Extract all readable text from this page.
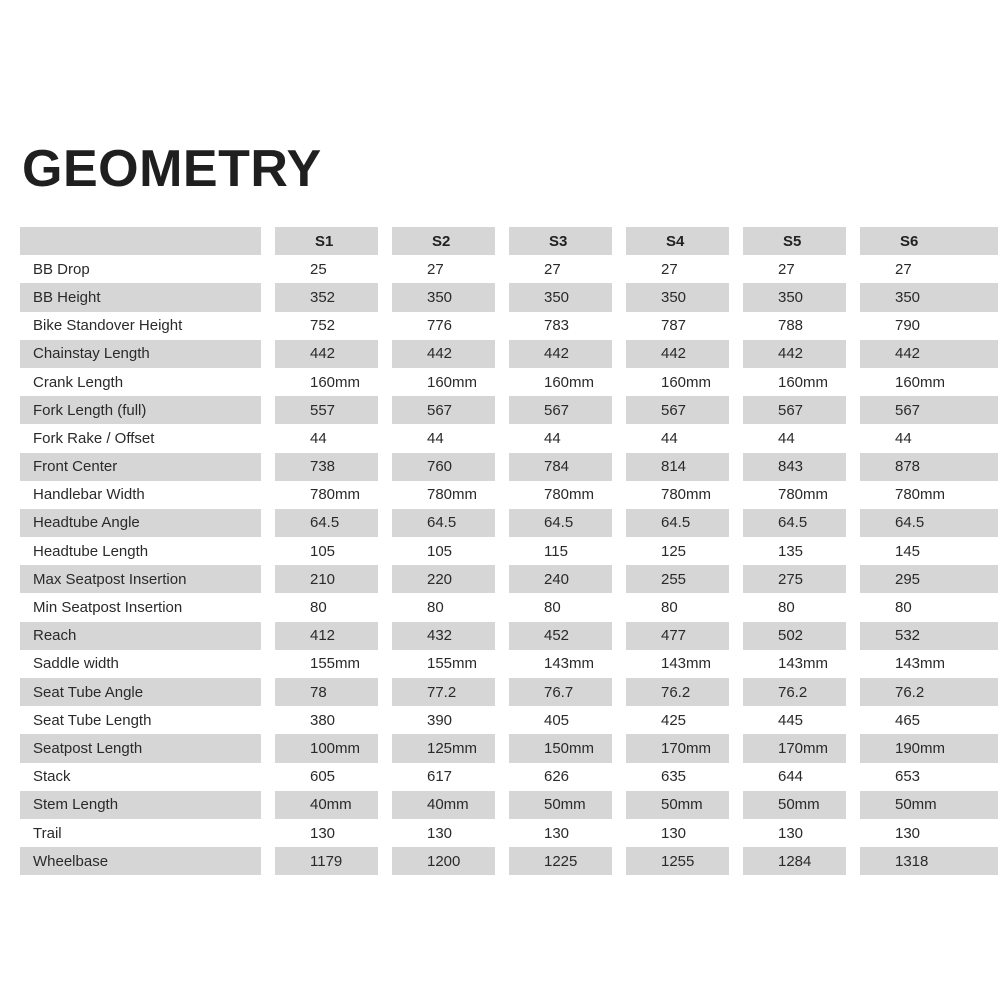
GEOMETRY
	S1	S2	S3	S4	S5	S6
BB Drop	25	27	27	27	27	27
BB Height	352	350	350	350	350	350
Bike Standover Height	752	776	783	787	788	790
Chainstay Length	442	442	442	442	442	442
Crank Length	160mm	160mm	160mm	160mm	160mm	160mm
Fork Length (full)	557	567	567	567	567	567
Fork Rake / Offset	44	44	44	44	44	44
Front Center	738	760	784	814	843	878
Handlebar Width	780mm	780mm	780mm	780mm	780mm	780mm
Headtube Angle	64.5	64.5	64.5	64.5	64.5	64.5
Headtube Length	105	105	115	125	135	145
Max Seatpost Insertion	210	220	240	255	275	295
Min Seatpost Insertion	80	80	80	80	80	80
Reach	412	432	452	477	502	532
Saddle width	155mm	155mm	143mm	143mm	143mm	143mm
Seat Tube Angle	78	77.2	76.7	76.2	76.2	76.2
Seat Tube Length	380	390	405	425	445	465
Seatpost Length	100mm	125mm	150mm	170mm	170mm	190mm
Stack	605	617	626	635	644	653
Stem Length	40mm	40mm	50mm	50mm	50mm	50mm
Trail	130	130	130	130	130	130
Wheelbase	1179	1200	1225	1255	1284	1318
